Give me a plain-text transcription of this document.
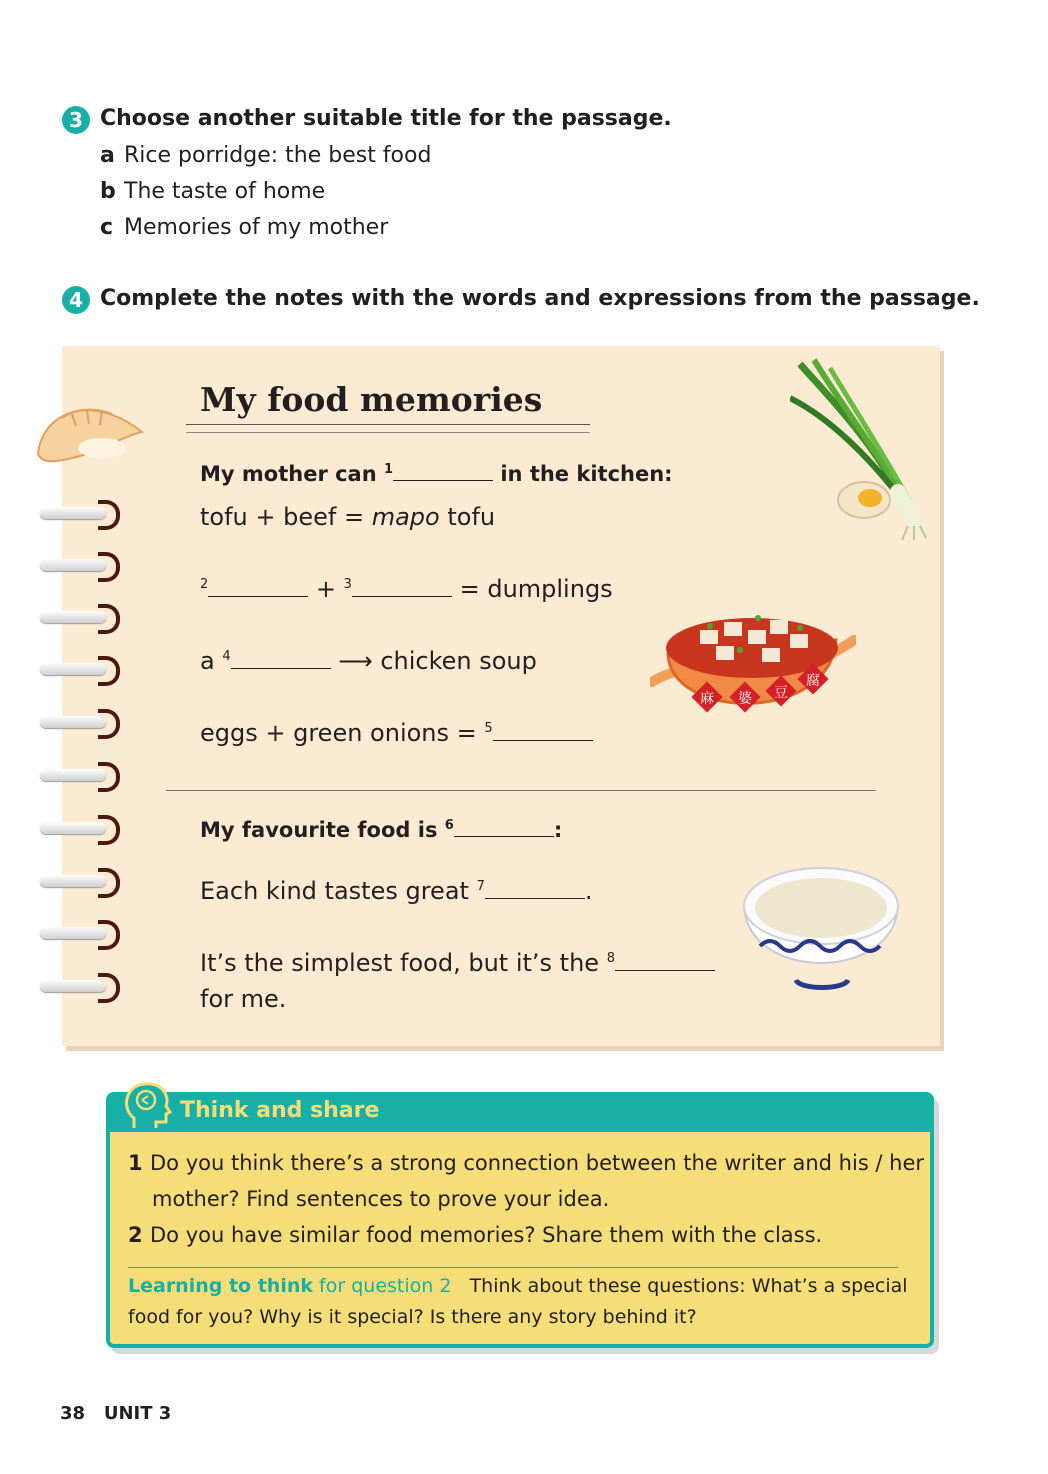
3 Choose another suitable title for the passage.
a Rice porridge: the best food
b The taste of home
c Memories of my mother
4 Complete the notes with the words and expressions from the passage.
My food memories
My mother can $^1$	in the kitchen:
tofu + beef = mapo tofu
$^2$	+ $^3$	= dumplings
a $^4$	⟶ chicken soup
麻 婆 豆
腐
eggs + green onions = $^5$
My favourite food is $^6$	:
Each kind tastes great $^7$	.
It’s the simplest food, but it’s the $^8$
for me.
Think and share
1 Do you think there’s a strong connection between the writer and his / her
mother? Find sentences to prove your idea.
2 Do you have similar food memories? Share them with the class.
Learning to think for question 2 Think about these questions: What’s a special
food for you? Why is it special? Is there any story behind it?
38 UNIT 3
